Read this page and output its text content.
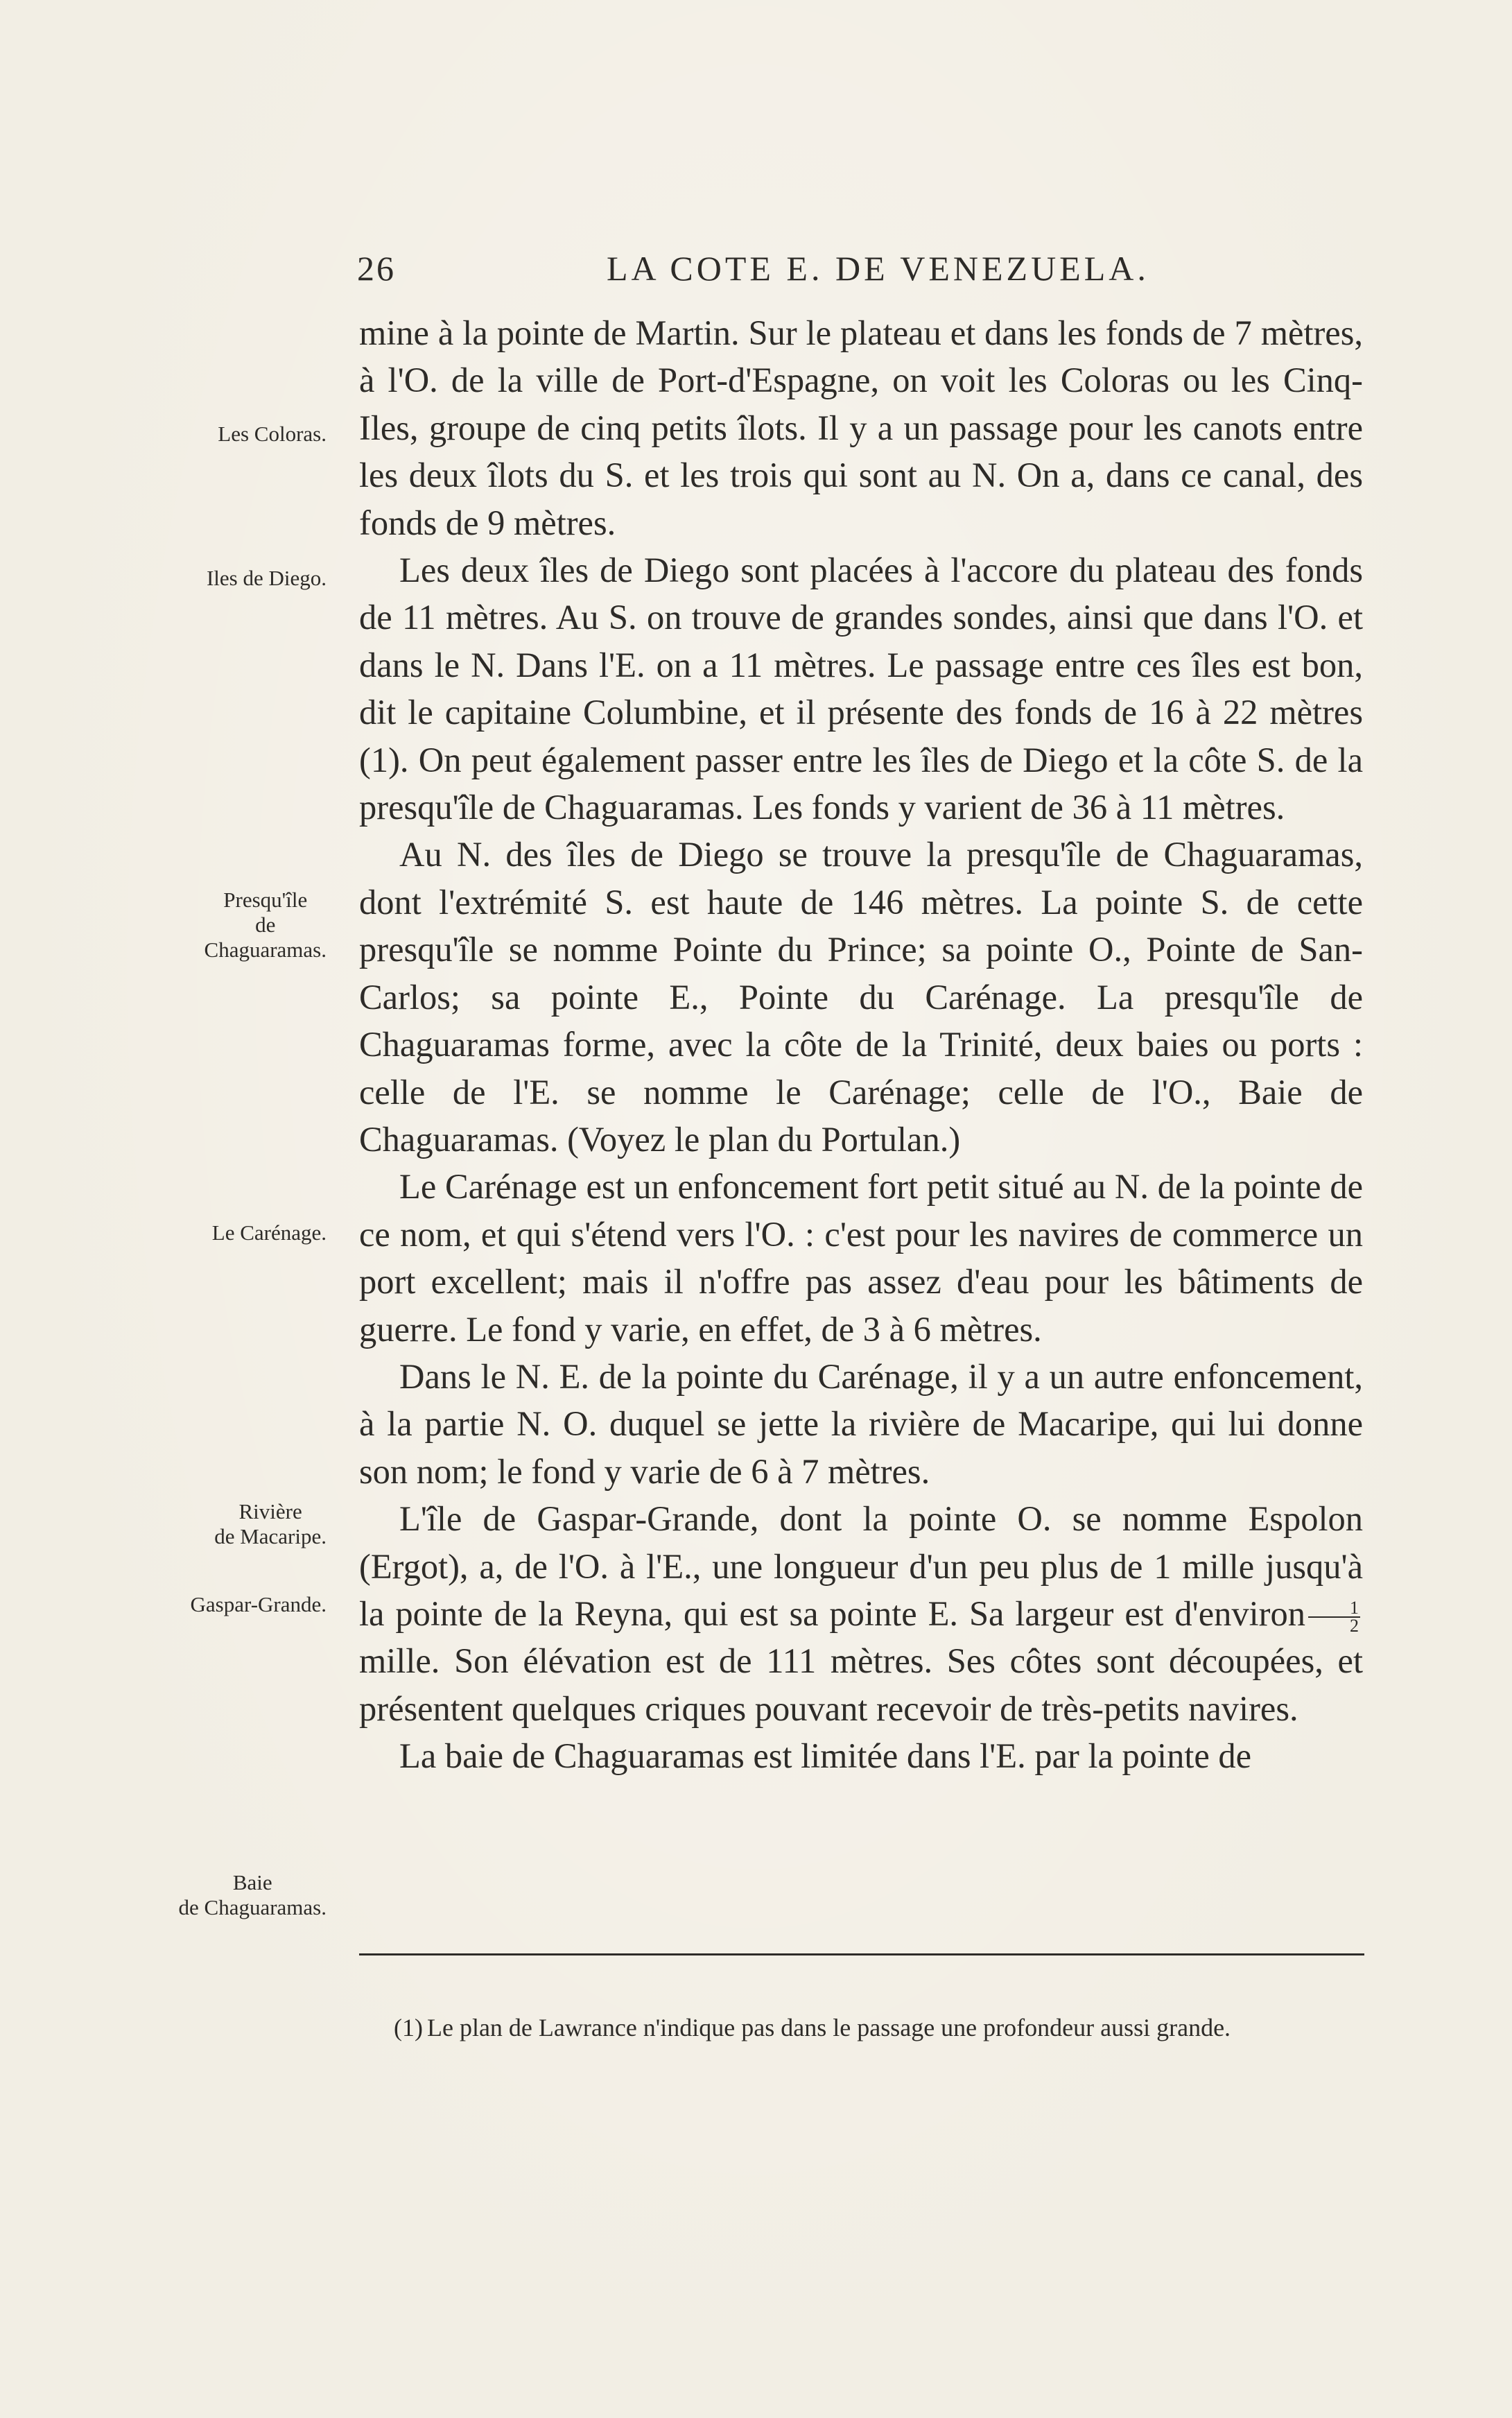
26	LA COTE E. DE VENEZUELA.
Les Coloras.
Iles de Diego.
Presqu'île
de
Chaguaramas.
Le Carénage.
Rivière
de Macaripe.
Gaspar-Grande.
Baie
de Chaguaramas.

mine à la pointe de Martin. Sur le plateau et dans les fonds de 7 mètres, à l'O. de la ville de Port-d'Espagne, on voit les Coloras ou les Cinq-Iles, groupe de cinq petits îlots. Il y a un passage pour les canots entre les deux îlots du S. et les trois qui sont au N. On a, dans ce canal, des fonds de 9 mètres.

Les deux îles de Diego sont placées à l'accore du plateau des fonds de 11 mètres. Au S. on trouve de grandes sondes, ainsi que dans l'O. et dans le N. Dans l'E. on a 11 mètres. Le passage entre ces îles est bon, dit le capitaine Columbine, et il présente des fonds de 16 à 22 mètres (1). On peut également passer entre les îles de Diego et la côte S. de la presqu'île de Chaguaramas. Les fonds y varient de 36 à 11 mètres.

Au N. des îles de Diego se trouve la presqu'île de Chaguaramas, dont l'extrémité S. est haute de 146 mètres. La pointe S. de cette presqu'île se nomme Pointe du Prince; sa pointe O., Pointe de San-Carlos; sa pointe E., Pointe du Carénage. La presqu'île de Chaguaramas forme, avec la côte de la Trinité, deux baies ou ports : celle de l'E. se nomme le Carénage; celle de l'O., Baie de Chaguaramas. (Voyez le plan du Portulan.)

Le Carénage est un enfoncement fort petit situé au N. de la pointe de ce nom, et qui s'étend vers l'O. : c'est pour les navires de commerce un port excellent; mais il n'offre pas assez d'eau pour les bâtiments de guerre. Le fond y varie, en effet, de 3 à 6 mètres.

Dans le N. E. de la pointe du Carénage, il y a un autre enfoncement, à la partie N. O. duquel se jette la rivière de Macaripe, qui lui donne son nom; le fond y varie de 6 à 7 mètres.

L'île de Gaspar-Grande, dont la pointe O. se nomme Espolon (Ergot), a, de l'O. à l'E., une longueur d'un peu plus de 1 mille jusqu'à la pointe de la Reyna, qui est sa pointe E. Sa largeur est d'environ $\frac{1}{2}$
mille. Son élévation est de 111 mètres. Ses côtes sont découpées, et présentent quelques criques pouvant recevoir de très-petits navires.

La baie de Chaguaramas est limitée dans l'E. par la pointe de

(1) Le plan de Lawrance n'indique pas dans le passage une profondeur aussi grande.
